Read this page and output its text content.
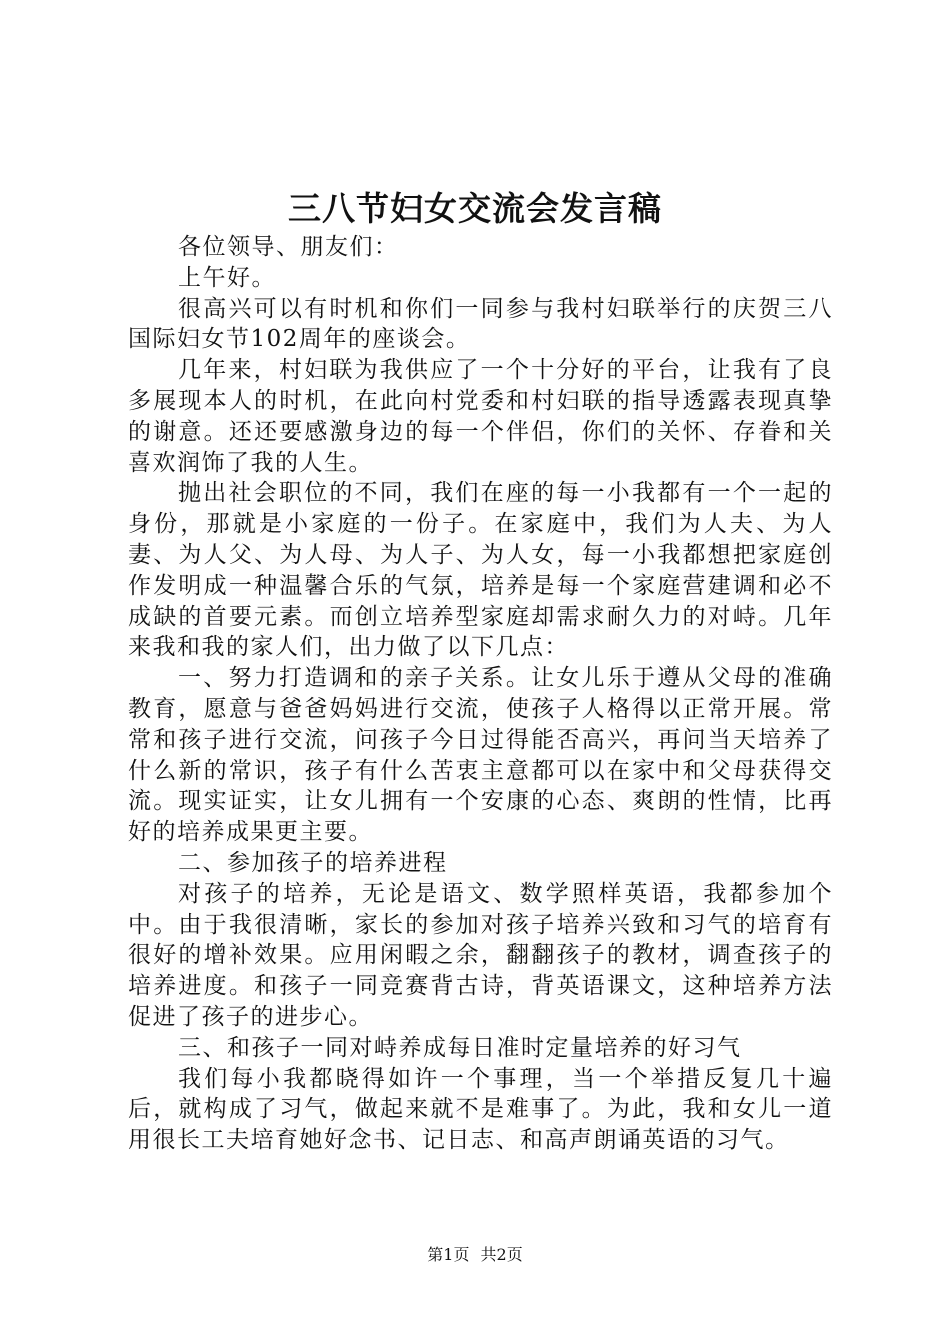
三八节妇女交流会发言稿

各位领导、朋友们：

上午好。

很高兴可以有时机和你们一同参与我村妇联举行的庆贺三八国际妇女节102周年的座谈会。

几年来，村妇联为我供应了一个十分好的平台，让我有了良多展现本人的时机，在此向村党委和村妇联的指导透露表现真挚的谢意。还还要感激身边的每一个伴侣，你们的关怀、存眷和关喜欢润饰了我的人生。

抛出社会职位的不同，我们在座的每一小我都有一个一起的身份，那就是小家庭的一份子。在家庭中，我们为人夫、为人妻、为人父、为人母、为人子、为人女，每一小我都想把家庭创作发明成一种温馨合乐的气氛，培养是每一个家庭营建调和必不成缺的首要元素。而创立培养型家庭却需求耐久力的对峙。几年来我和我的家人们，出力做了以下几点：

一、努力打造调和的亲子关系。让女儿乐于遵从父母的准确教育，愿意与爸爸妈妈进行交流，使孩子人格得以正常开展。常常和孩子进行交流，问孩子今日过得能否高兴，再问当天培养了什么新的常识，孩子有什么苦衷主意都可以在家中和父母获得交流。现实证实，让女儿拥有一个安康的心态、爽朗的性情，比再好的培养成果更主要。

二、参加孩子的培养进程

对孩子的培养，无论是语文、数学照样英语，我都参加个中。由于我很清晰，家长的参加对孩子培养兴致和习气的培育有很好的增补效果。应用闲暇之余，翻翻孩子的教材，调查孩子的培养进度。和孩子一同竞赛背古诗，背英语课文，这种培养方法促进了孩子的进步心。

三、和孩子一同对峙养成每日准时定量培养的好习气

我们每小我都晓得如许一个事理，当一个举措反复几十遍后，就构成了习气，做起来就不是难事了。为此，我和女儿一道用很长工夫培育她好念书、记日志、和高声朗诵英语的习气。

第1页 共2页
